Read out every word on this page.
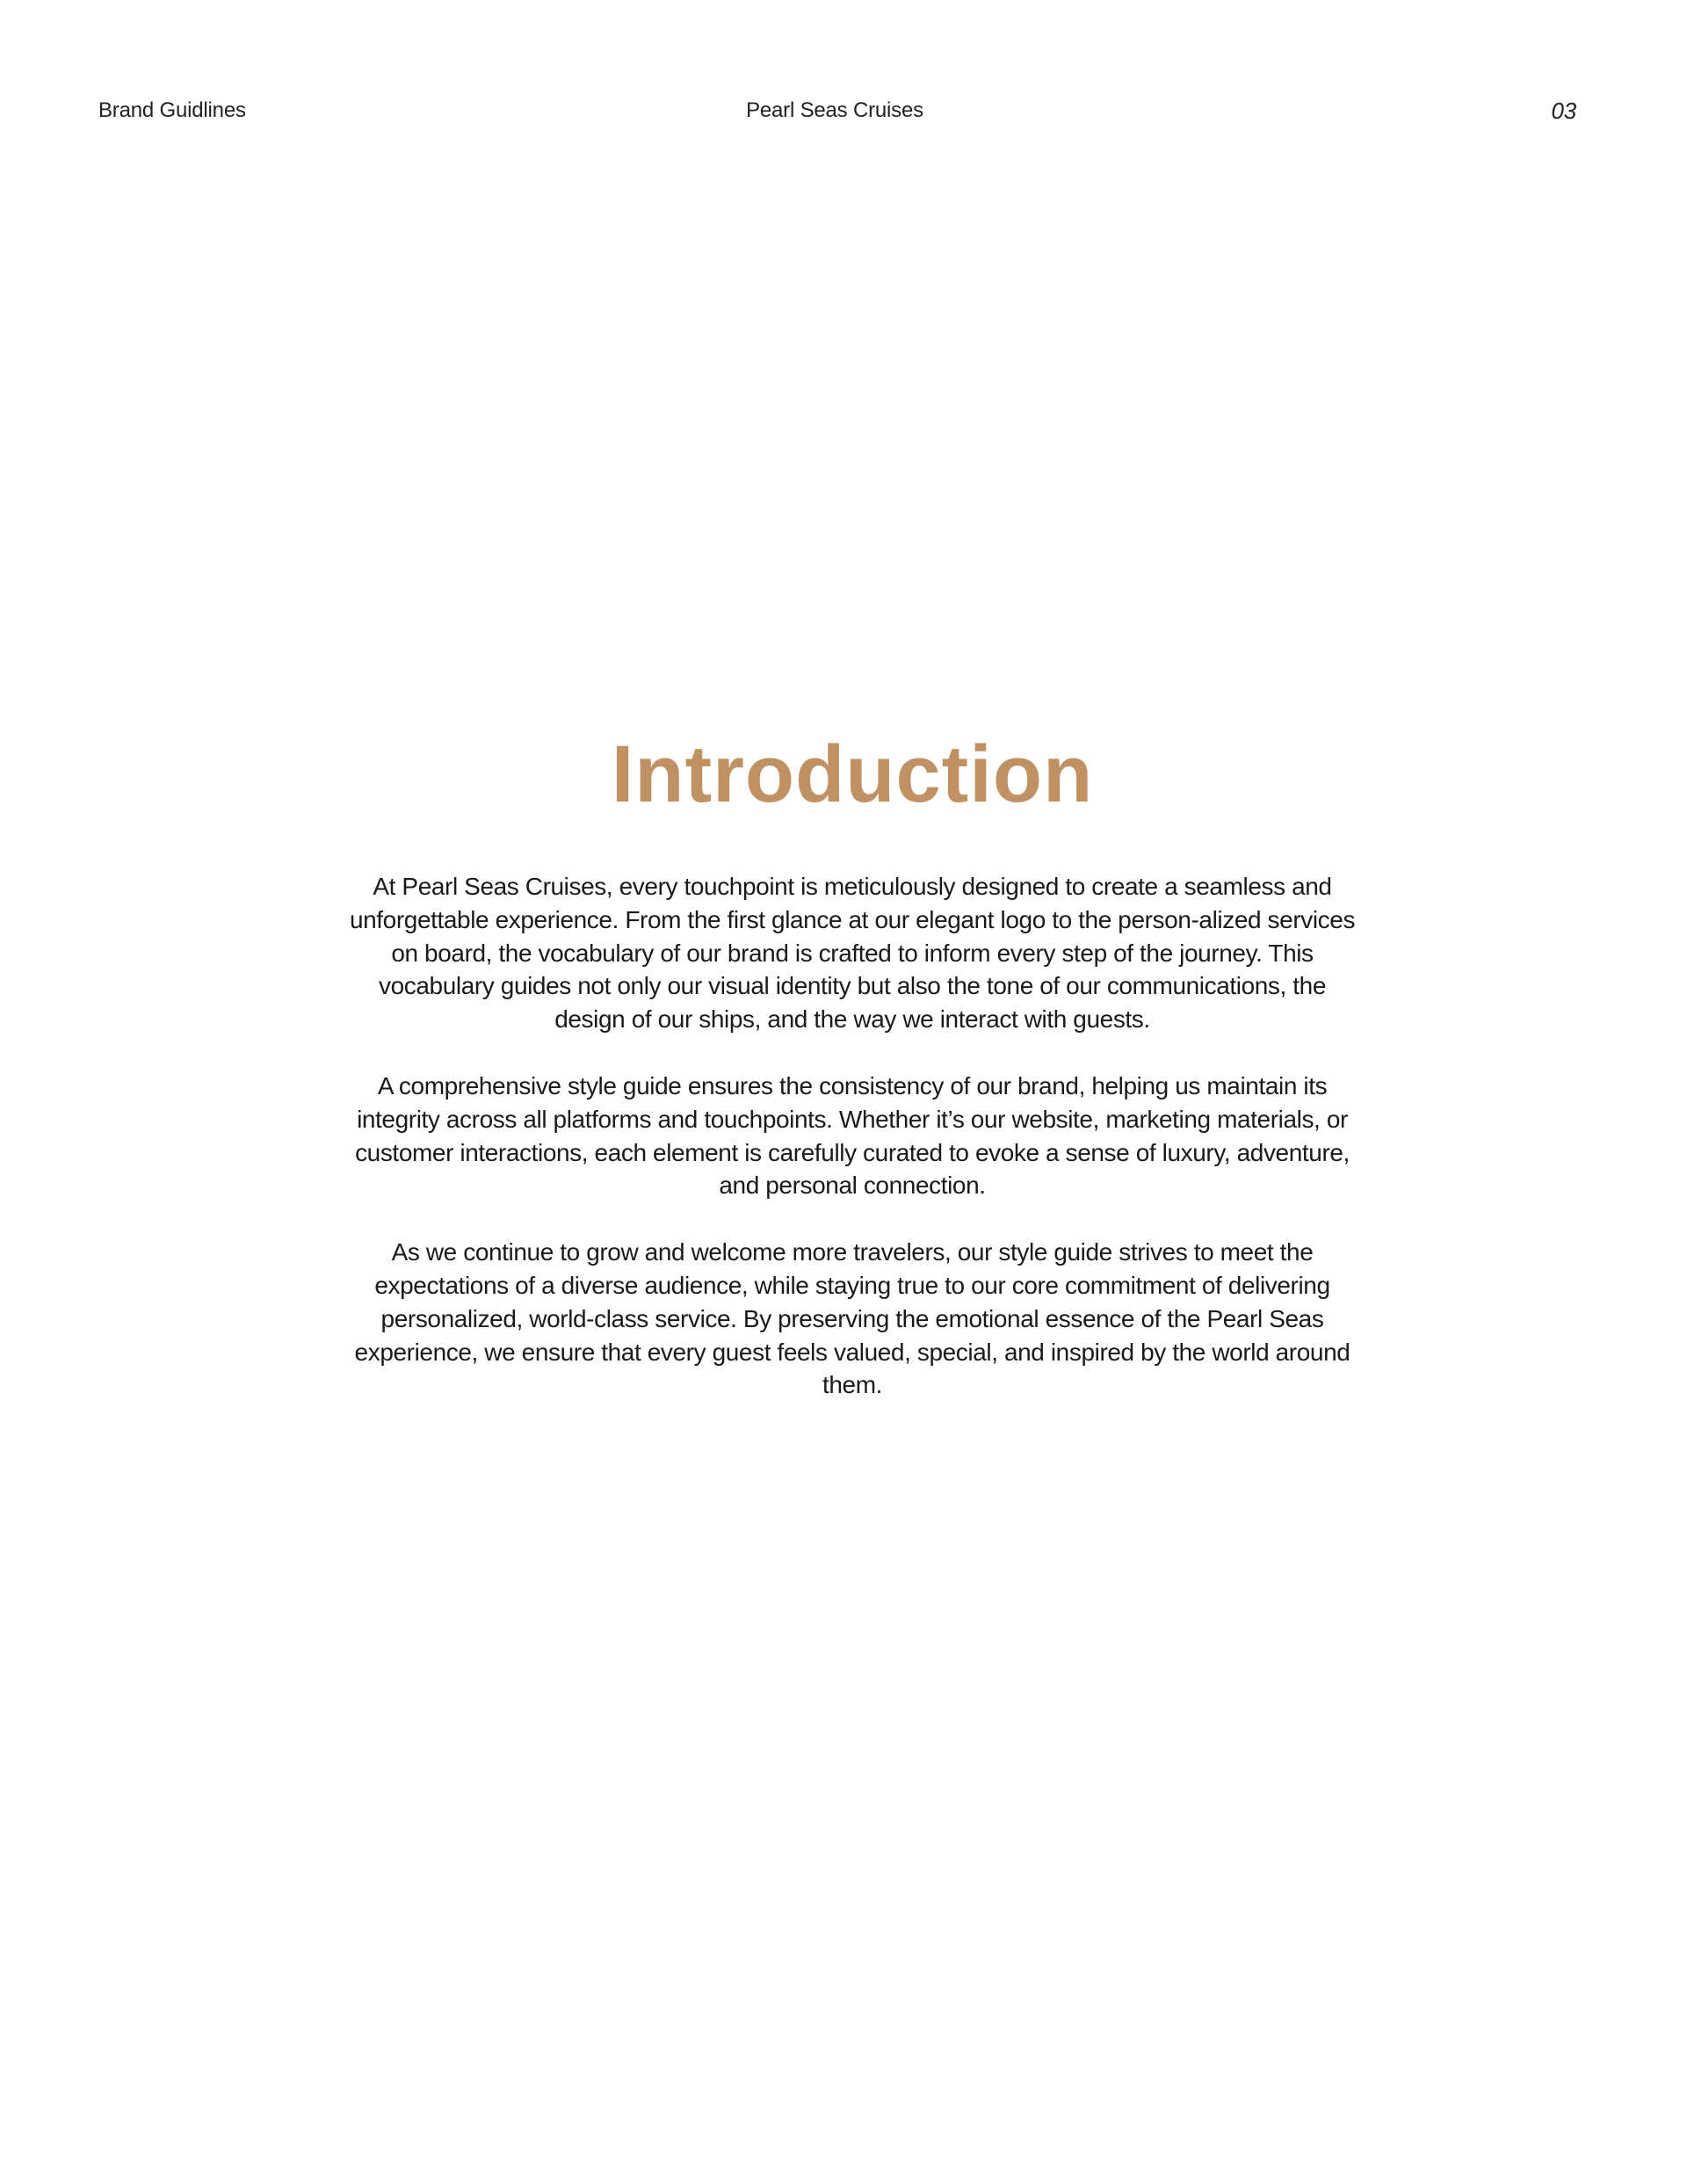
Brand Guidlines	Pearl Seas Cruises	03
Introduction

At Pearl Seas Cruises, every touchpoint is meticulously designed to create a seamless and unforgettable experience. From the first glance at our elegant logo to the person-alized services on board, the vocabulary of our brand is crafted to inform every step of the journey. This vocabulary guides not only our visual identity but also the tone of our communications, the design of our ships, and the way we interact with guests.

A comprehensive style guide ensures the consistency of our brand, helping us maintain its integrity across all platforms and touchpoints. Whether it’s our website, marketing materials, or customer interactions, each element is carefully curated to evoke a sense of luxury, adventure, and personal connection.

As we continue to grow and welcome more travelers, our style guide strives to meet the expectations of a diverse audience, while staying true to our core commitment of delivering personalized, world-class service. By preserving the emotional essence of the Pearl Seas experience, we ensure that every guest feels valued, special, and inspired by the world around them.
